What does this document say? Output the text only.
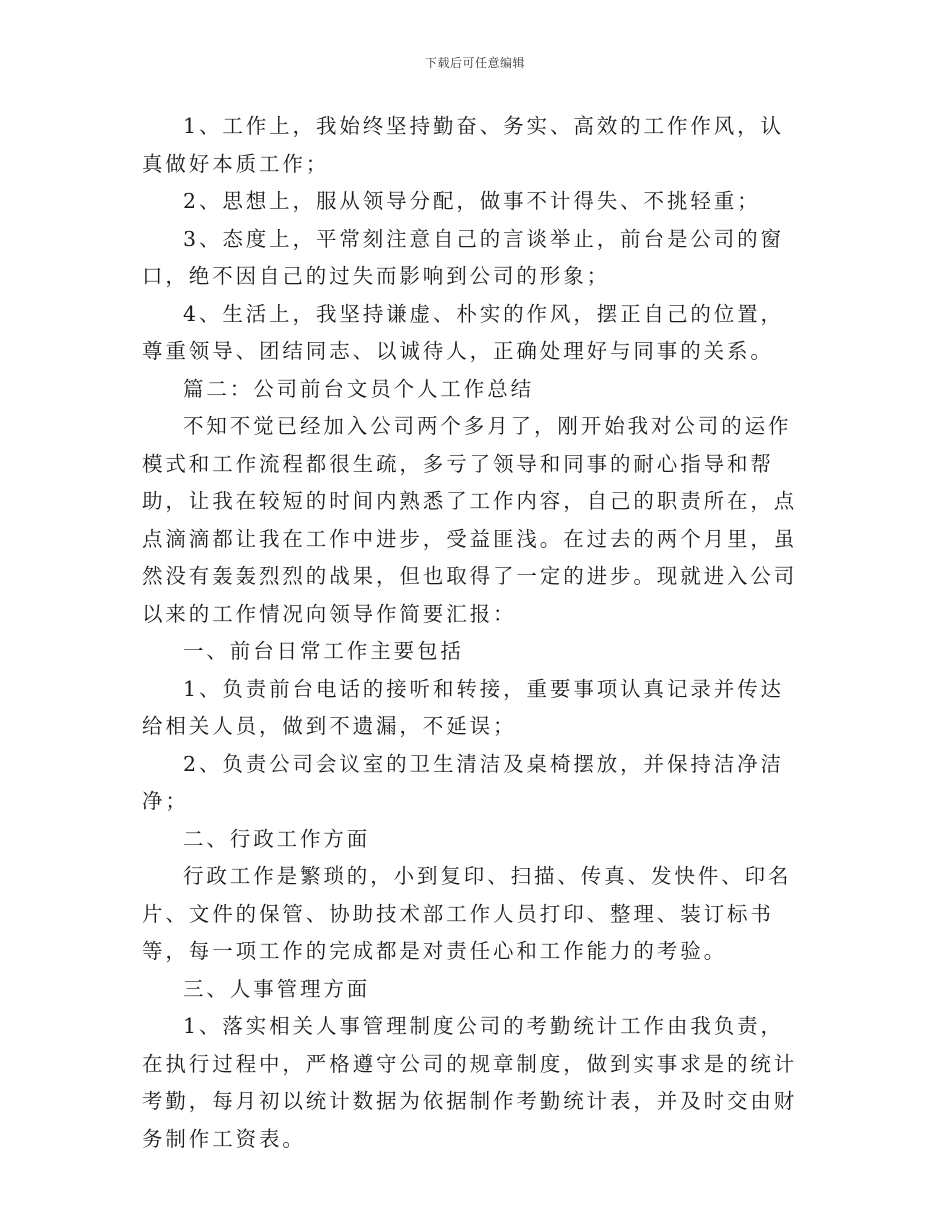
下载后可任意编辑

1、工作上，我始终坚持勤奋、务实、高效的工作作风，认真做好本质工作；

2、思想上，服从领导分配，做事不计得失、不挑轻重；

3、态度上，平常刻注意自己的言谈举止，前台是公司的窗口，绝不因自己的过失而影响到公司的形象；

4、生活上，我坚持谦虚、朴实的作风，摆正自己的位置，尊重领导、团结同志、以诚待人，正确处理好与同事的关系。

篇二：公司前台文员个人工作总结

不知不觉已经加入公司两个多月了，刚开始我对公司的运作模式和工作流程都很生疏，多亏了领导和同事的耐心指导和帮助，让我在较短的时间内熟悉了工作内容，自己的职责所在，点点滴滴都让我在工作中进步，受益匪浅。在过去的两个月里，虽然没有轰轰烈烈的战果，但也取得了一定的进步。现就进入公司以来的工作情况向领导作简要汇报：

一、前台日常工作主要包括

1、负责前台电话的接听和转接，重要事项认真记录并传达给相关人员，做到不遗漏，不延误；

2、负责公司会议室的卫生清洁及桌椅摆放，并保持洁净洁净；

二、行政工作方面

行政工作是繁琐的，小到复印、扫描、传真、发快件、印名片、文件的保管、协助技术部工作人员打印、整理、装订标书等，每一项工作的完成都是对责任心和工作能力的考验。

三、人事管理方面

1、落实相关人事管理制度公司的考勤统计工作由我负责，在执行过程中，严格遵守公司的规章制度，做到实事求是的统计考勤，每月初以统计数据为依据制作考勤统计表，并及时交由财务制作工资表。
